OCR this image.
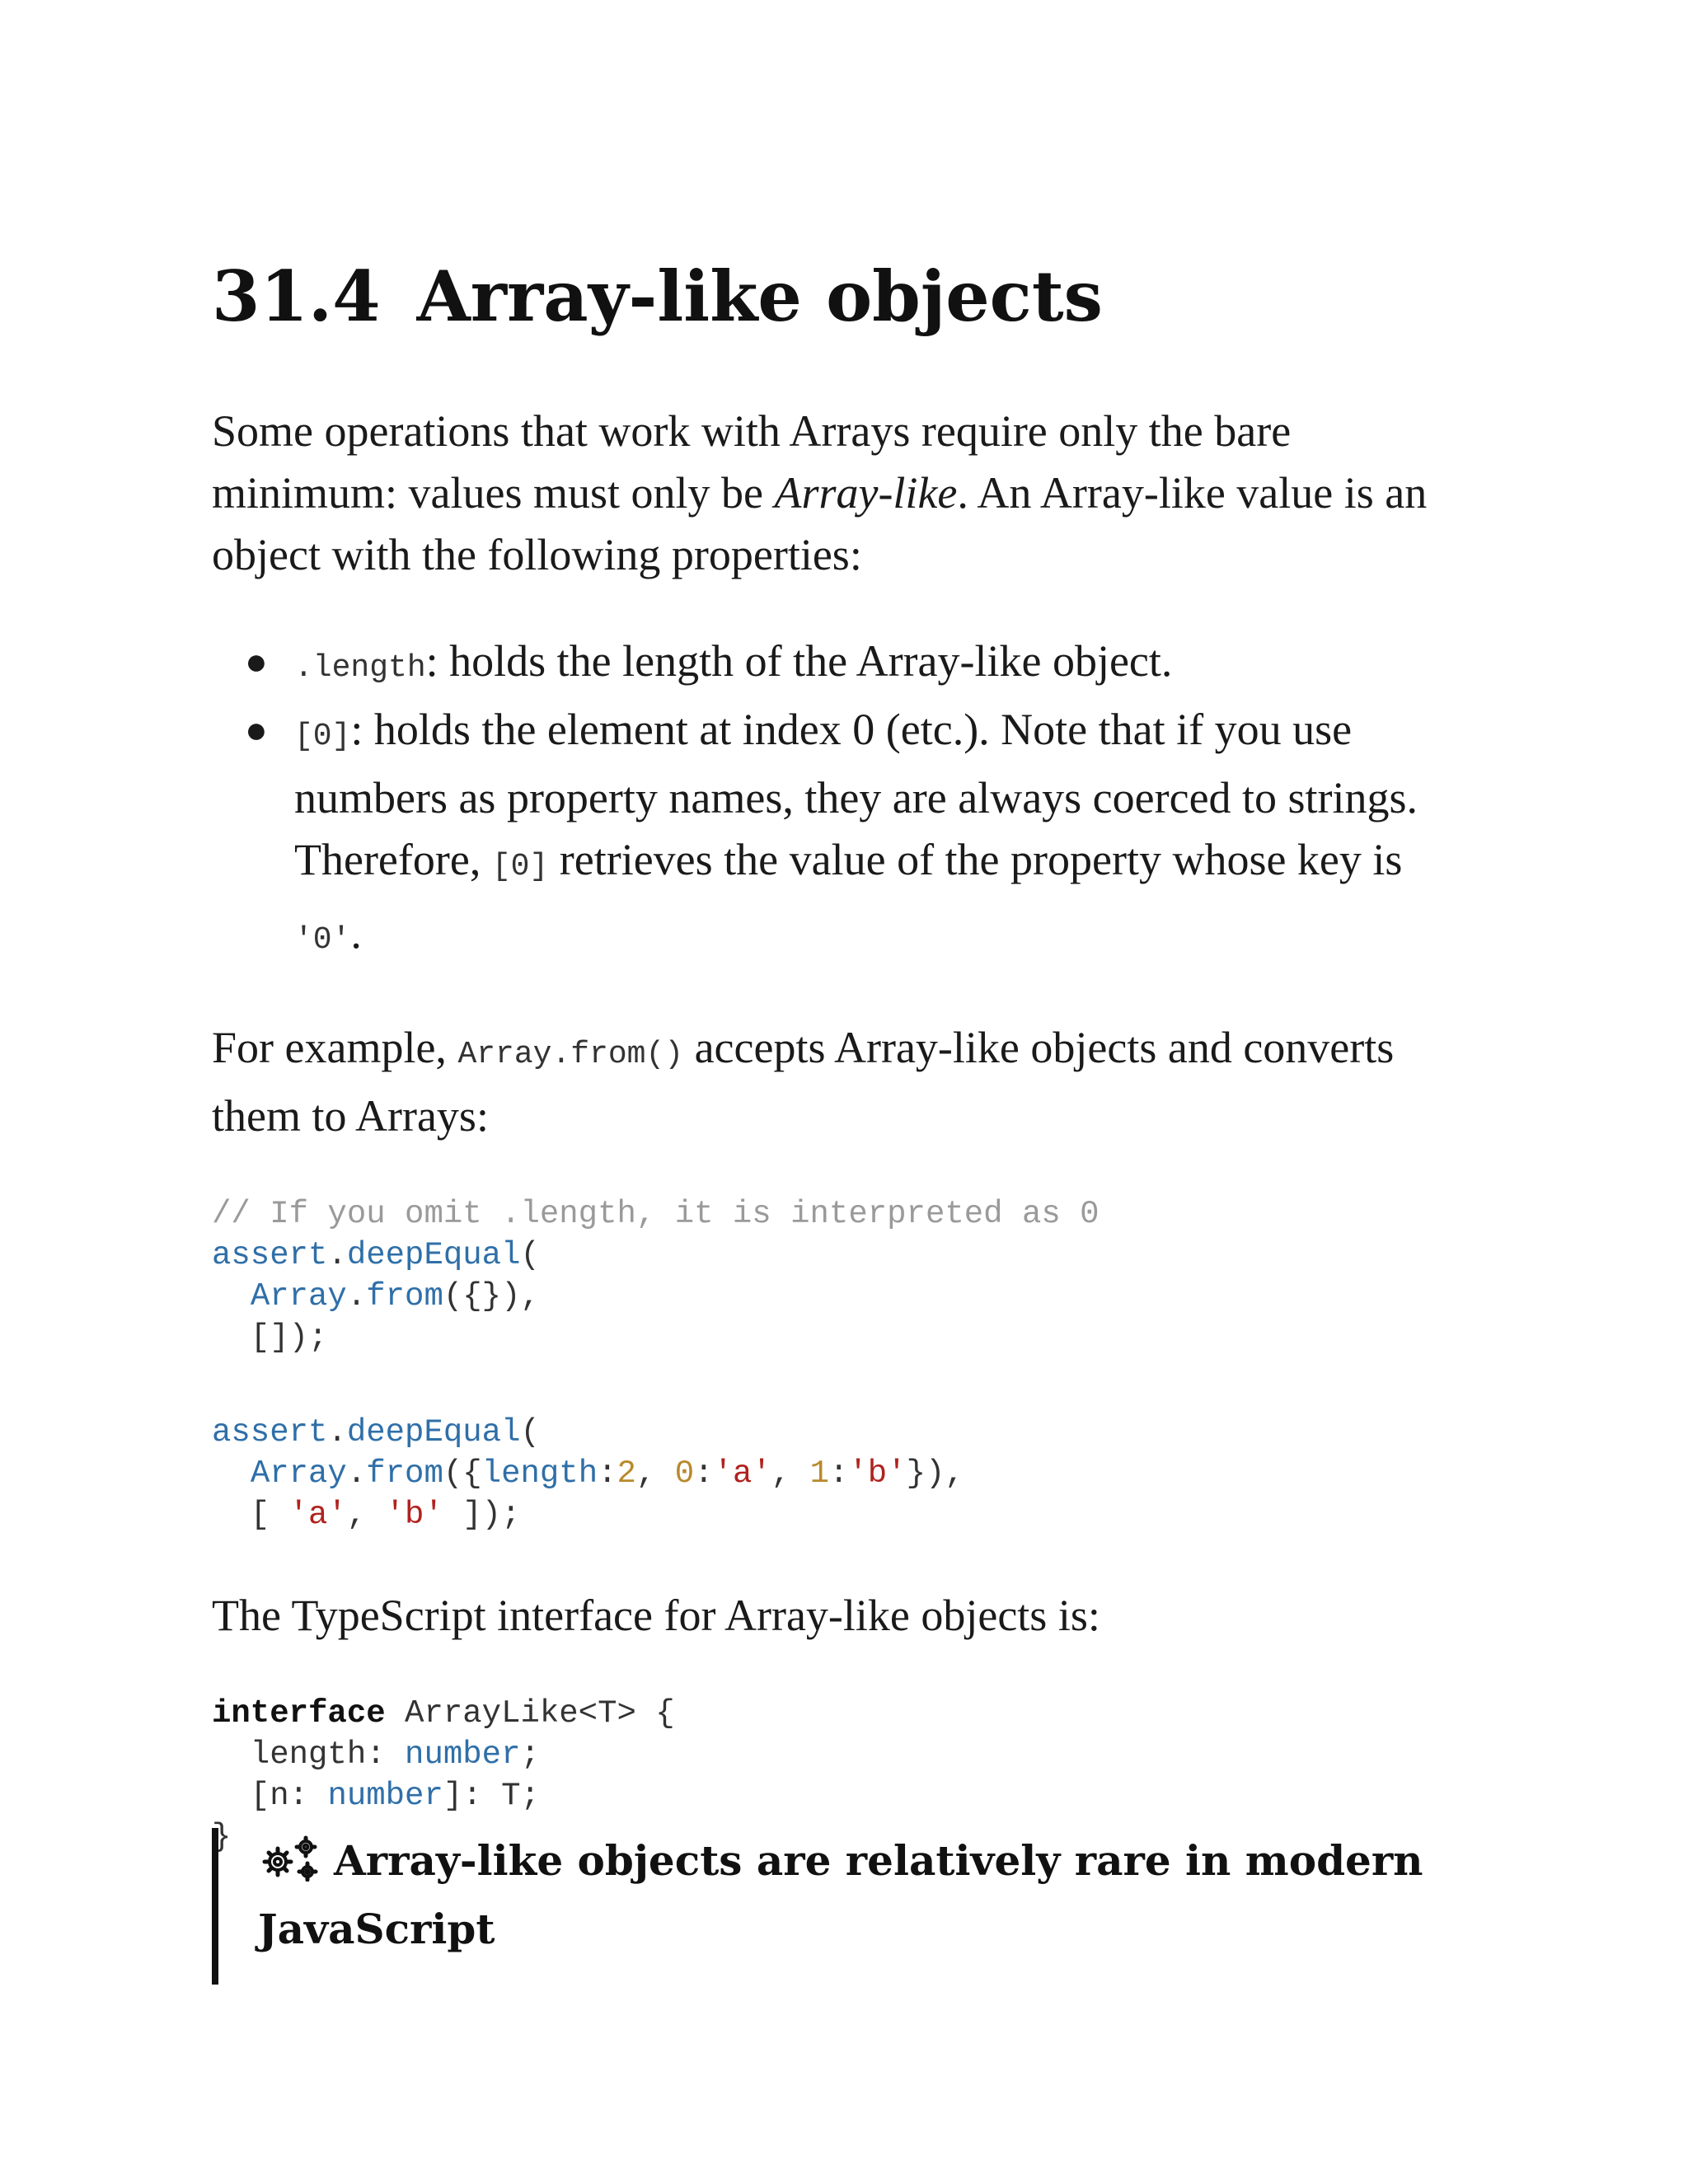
31.4 Array-like objects

Some operations that work with Arrays require only the bare minimum: values must only be Array-like. An Array-like value is an object with the following properties:

● .length: holds the length of the Array-like object.
● [0]: holds the element at index 0 (etc.). Note that if you use numbers as property names, they are always coerced to strings. Therefore, [0] retrieves the value of the property whose key is
'0'.

For example, Array.from() accepts Array-like objects and converts them to Arrays:

// If you omit .length, it is interpreted as 0
assert.deepEqual(
Array.from({}),
[]);

assert.deepEqual(
Array.from({length:2, 0:'a', 1:'b'}),
[ 'a', 'b' ]);

The TypeScript interface for Array-like objects is:

interface ArrayLike<T> {
length: number;
[n: number]: T;
}	Array-like objects are relatively rare in modern JavaScript
